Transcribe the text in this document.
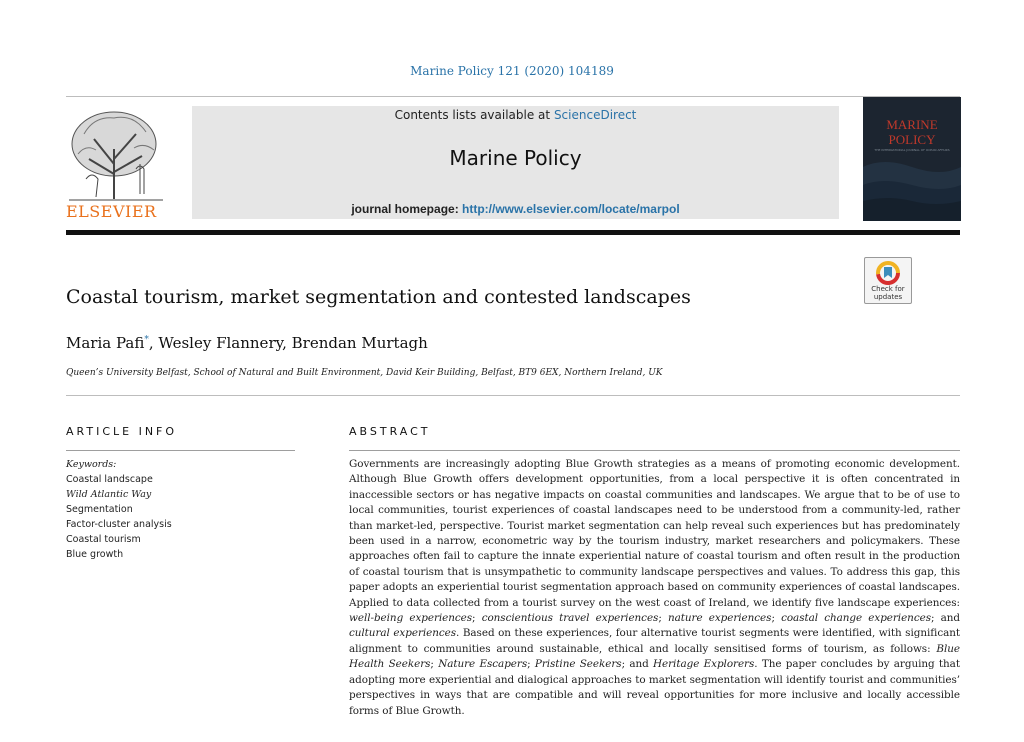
Marine Policy 121 (2020) 104189
ELSEVIER
Contents lists available at ScienceDirect
Marine Policy
journal homepage: http://www.elsevier.com/locate/marpol
MARINE
POLICY
THE INTERNATIONAL JOURNAL OF OCEAN AFFAIRS
Check for
updates
Coastal tourism, market segmentation and contested landscapes
Maria Pafi*, Wesley Flannery, Brendan Murtagh
Queen’s University Belfast, School of Natural and Built Environment, David Keir Building, Belfast, BT9 6EX, Northern Ireland, UK
ARTICLE INFO
Keywords:
Coastal landscape
Wild Atlantic Way
Segmentation
Factor-cluster analysis
Coastal tourism
Blue growth
ABSTRACT
Governments are increasingly adopting Blue Growth strategies as a means of promoting economic development. Although Blue Growth offers development opportunities, from a local perspective it is often concentrated in inaccessible sectors or has negative impacts on coastal communities and landscapes. We argue that to be of use to local communities, tourist experiences of coastal landscapes need to be understood from a community-led, rather than market-led, perspective. Tourist market segmentation can help reveal such experiences but has predominately been used in a narrow, econometric way by the tourism industry, market researchers and policymakers. These approaches often fail to capture the innate experiential nature of coastal tourism and often result in the production of coastal tourism that is unsympathetic to community landscape perspectives and values. To address this gap, this paper adopts an experiential tourist segmentation approach based on community experiences of coastal landscapes. Applied to data collected from a tourist survey on the west coast of Ireland, we identify five landscape experiences: well-being experiences; conscientious travel experiences; nature experiences; coastal change experiences; and cultural experiences. Based on these experiences, four alternative tourist segments were identified, with significant alignment to communities around sustainable, ethical and locally sensitised forms of tourism, as follows: Blue Health Seekers; Nature Escapers; Pristine Seekers; and Heritage Explorers. The paper concludes by arguing that adopting more experiential and dialogical approaches to market segmentation will identify tourist and communities’ perspectives in ways that are compatible and will reveal opportunities for more inclusive and locally accessible forms of Blue Growth.
